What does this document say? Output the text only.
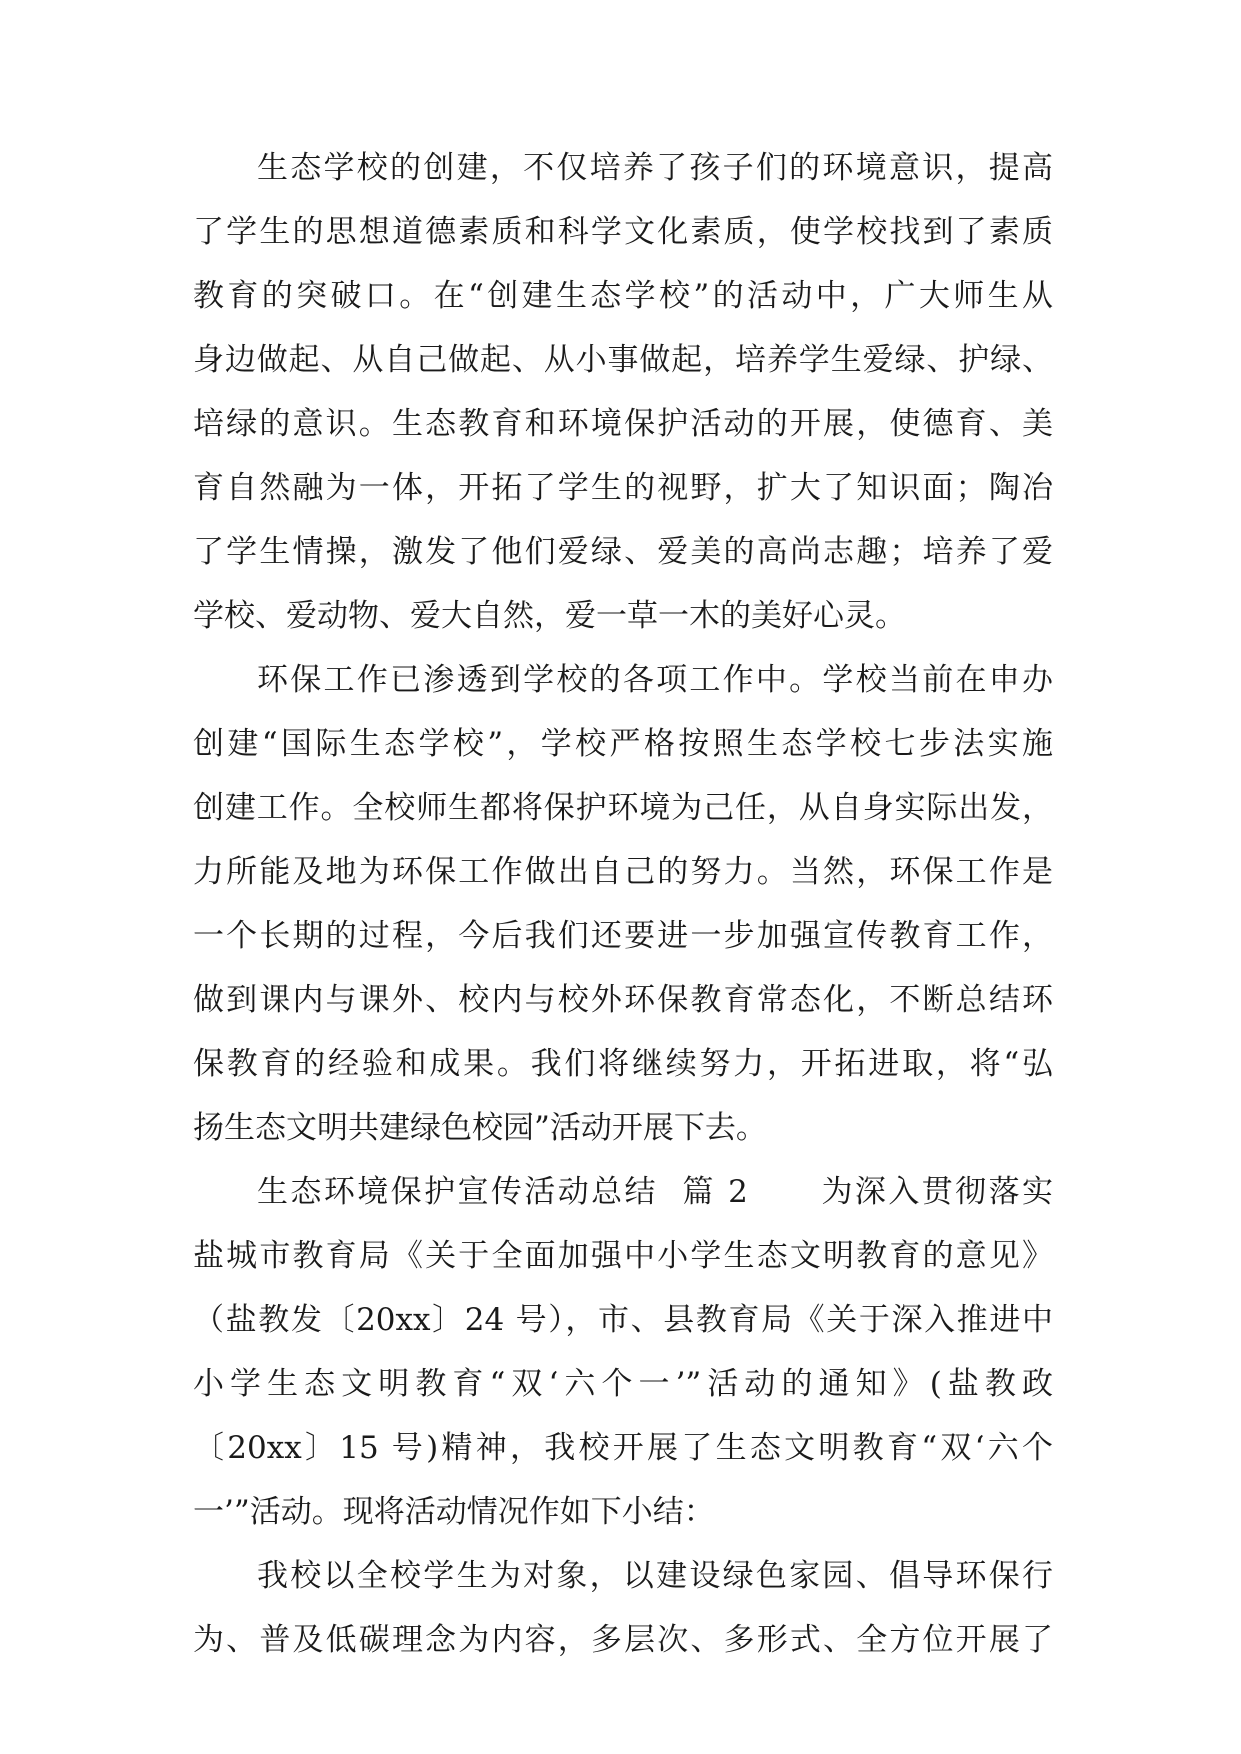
生态学校的创建，不仅培养了孩子们的环境意识，提高
了学生的思想道德素质和科学文化素质，使学校找到了素质
教育的突破口。在“创建生态学校”的活动中，广大师生从
身边做起、从自己做起、从小事做起，培养学生爱绿、护绿、
培绿的意识。生态教育和环境保护活动的开展，使德育、美
育自然融为一体，开拓了学生的视野，扩大了知识面；陶冶
了学生情操，激发了他们爱绿、爱美的高尚志趣；培养了爱
学校、爱动物、爱大自然，爱一草一木的美好心灵。
环保工作已渗透到学校的各项工作中。学校当前在申办
创建“国际生态学校”，学校严格按照生态学校七步法实施
创建工作。全校师生都将保护环境为己任，从自身实际出发，
力所能及地为环保工作做出自己的努力。当然，环保工作是
一个长期的过程，今后我们还要进一步加强宣传教育工作，
做到课内与课外、校内与校外环保教育常态化，不断总结环
保教育的经验和成果。我们将继续努力，开拓进取，将“弘
扬生态文明共建绿色校园”活动开展下去。
生态环境保护宣传活动总结  篇 2      为深入贯彻落实
盐城市教育局《关于全面加强中小学生态文明教育的意见》
（盐教发〔20xx〕24 号），市、县教育局《关于深入推进中
小学生态文明教育“双‘六个一’”活动的通知》(盐教政
〔20xx〕15 号)精神，我校开展了生态文明教育“双‘六个
一’”活动。现将活动情况作如下小结：
我校以全校学生为对象，以建设绿色家园、倡导环保行
为、普及低碳理念为内容，多层次、多形式、全方位开展了
